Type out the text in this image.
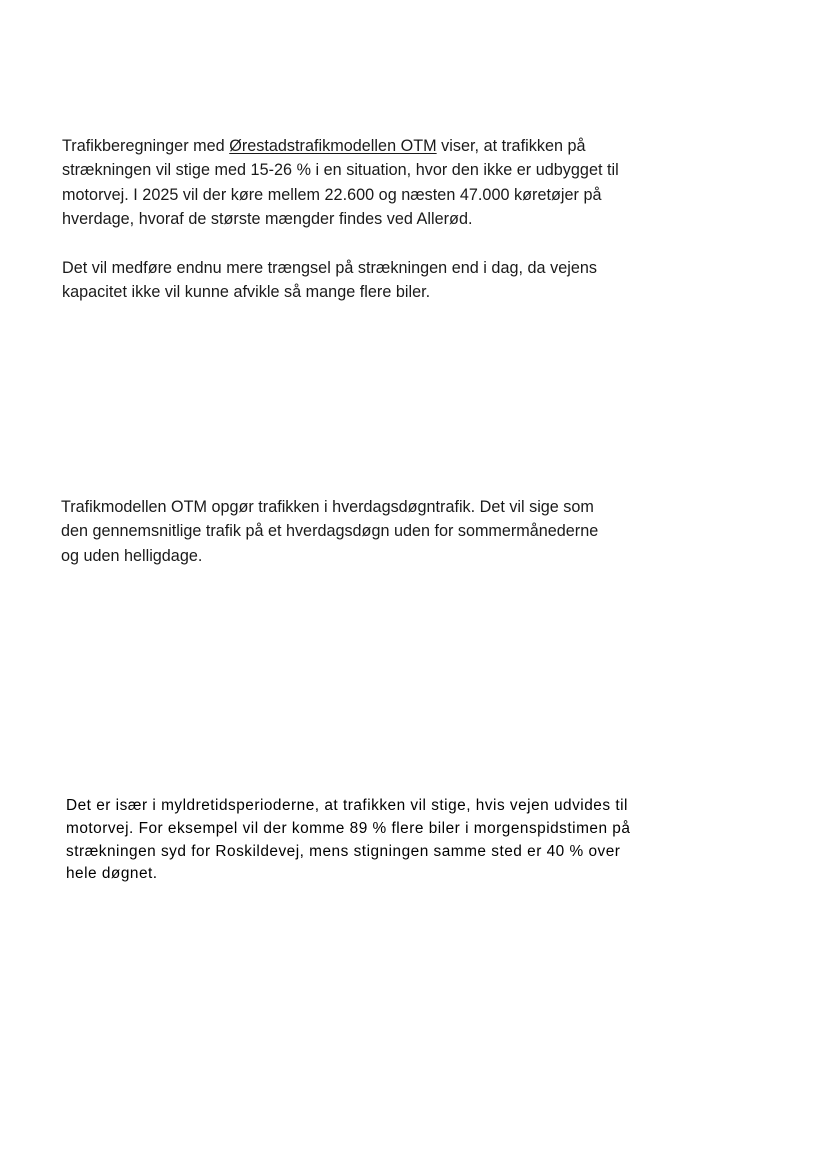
Trafikberegninger med Ørestadstrafikmodellen OTM viser, at trafikken på

strækningen vil stige med 15-26 % i en situation, hvor den ikke er udbygget til

motorvej. I 2025 vil der køre mellem 22.600 og næsten 47.000 køretøjer på

hverdage, hvoraf de største mængder findes ved Allerød.

Det vil medføre endnu mere trængsel på strækningen end i dag, da vejens

kapacitet ikke vil kunne afvikle så mange flere biler.

Trafikmodellen OTM opgør trafikken i hverdagsdøgntrafik. Det vil sige som

den gennemsnitlige trafik på et hverdagsdøgn uden for sommermånederne

og uden helligdage.

Det er især i myldretidsperioderne, at trafikken vil stige, hvis vejen udvides til

motorvej. For eksempel vil der komme 89 % flere biler i morgenspidstimen på

strækningen syd for Roskildevej, mens stigningen samme sted er 40 % over

hele døgnet.
